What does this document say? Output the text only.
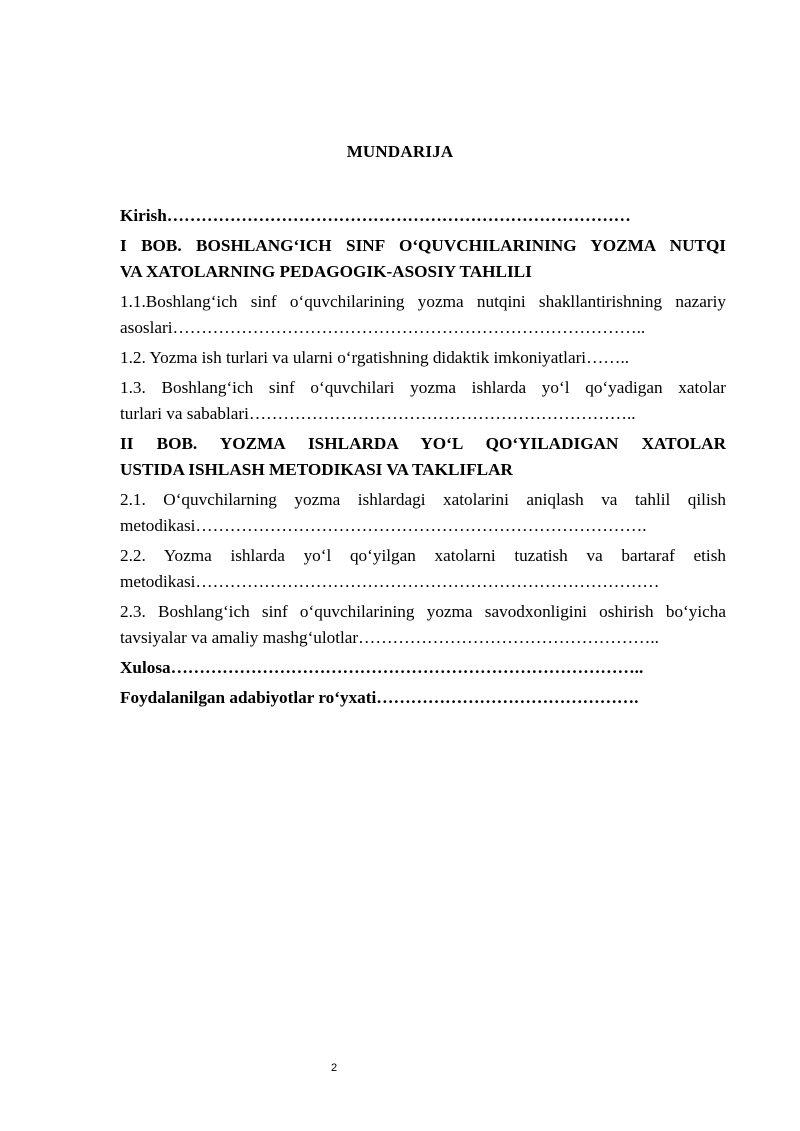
MUNDARIJA
Kirish………………………………………………………………………
I BOB. BOSHLANG‘ICH SINF O‘QUVCHILARINING YOZMA NUTQI
VA XATOLARNING PEDAGOGIK-ASOSIY TAHLILI
1.1.Boshlang‘ich sinf o‘quvchilarining yozma nutqini shakllantirishning nazariy
asoslari………………………………………………………………………..
1.2. Yozma ish turlari va ularni o‘rgatishning didaktik imkoniyatlari……..
1.3. Boshlang‘ich sinf o‘quvchilari yozma ishlarda yo‘l qo‘yadigan xatolar
turlari va sabablari…………………………………………………………..
II BOB. YOZMA ISHLARDA YO‘L QO‘YILADIGAN XATOLAR
USTIDA ISHLASH METODIKASI VA TAKLIFLAR
2.1. O‘quvchilarning yozma ishlardagi xatolarini aniqlash va tahlil qilish
metodikasi…………………………………………………………………….
2.2. Yozma ishlarda yo‘l qo‘yilgan xatolarni tuzatish va bartaraf etish
metodikasi………………………………………………………………………
2.3. Boshlang‘ich sinf o‘quvchilarining yozma savodxonligini oshirish bo‘yicha
tavsiyalar va amaliy mashg‘ulotlar……………………………………………..
Xulosa………………………………………………………………………..
Foydalanilgan adabiyotlar ro‘yxati……………………………………….
2
